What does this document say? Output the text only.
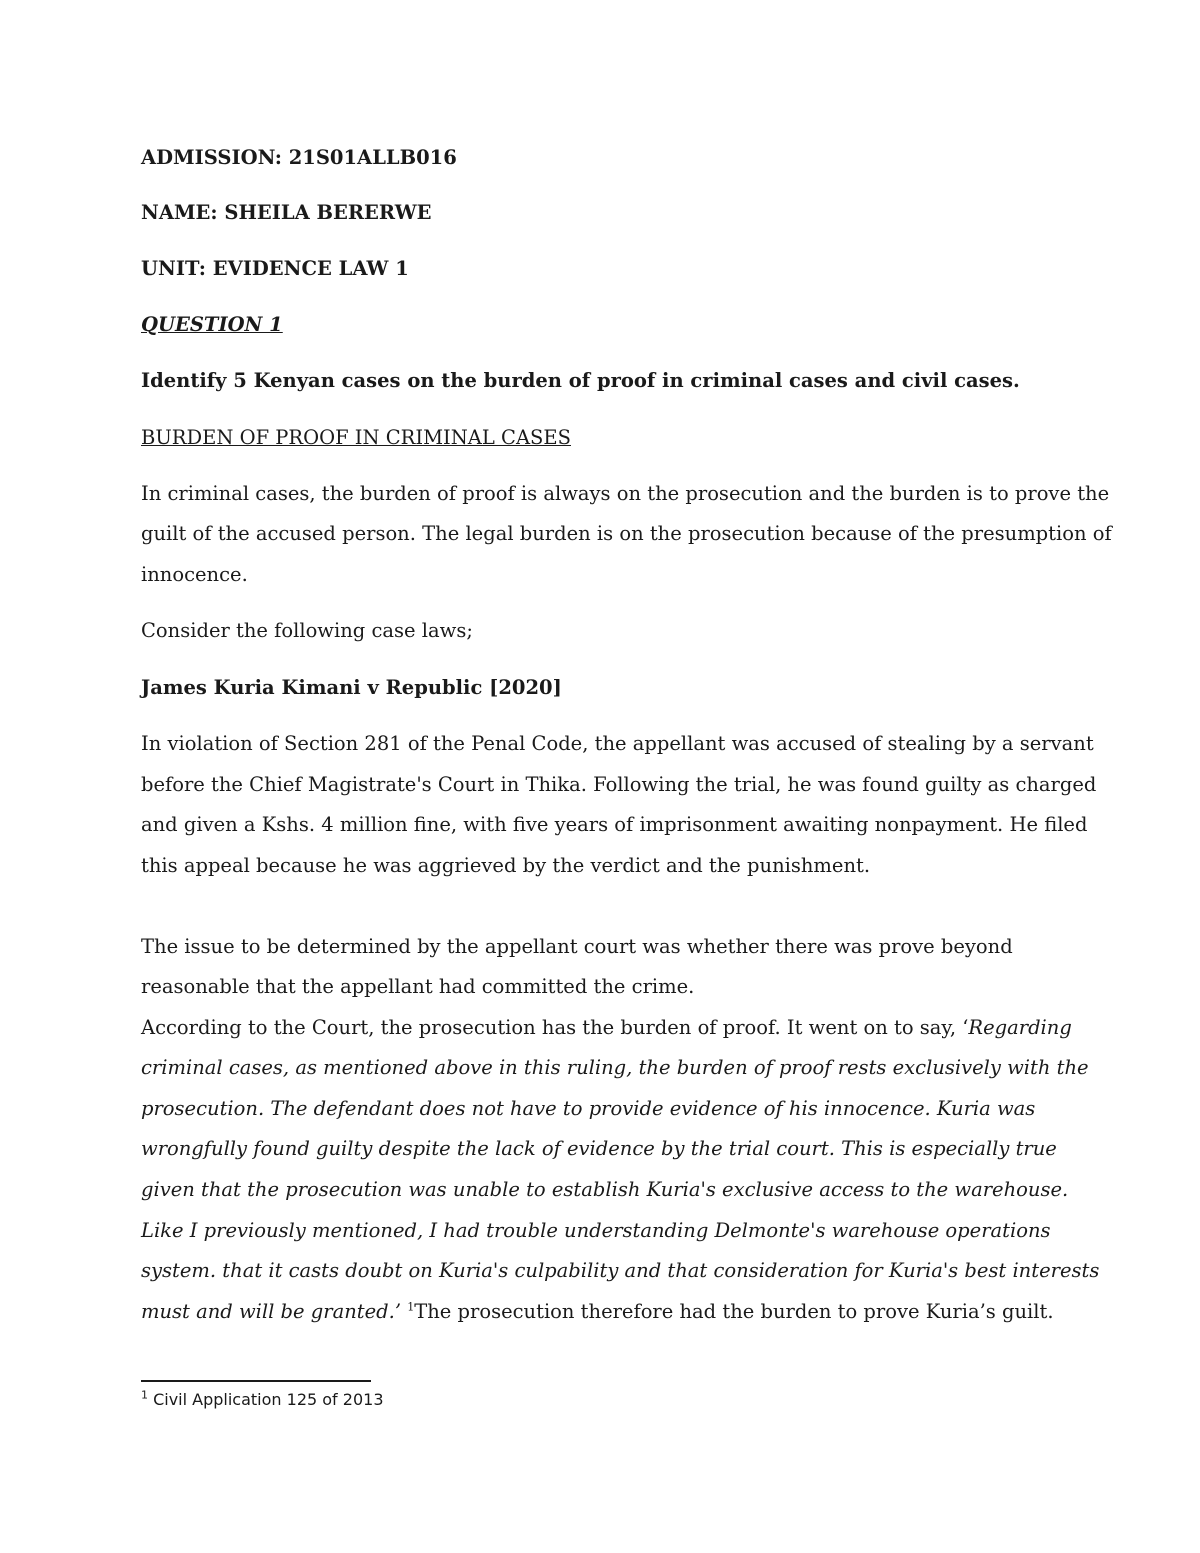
ADMISSION: 21S01ALLB016

NAME: SHEILA BERERWE

UNIT: EVIDENCE LAW 1

QUESTION 1

Identify 5 Kenyan cases on the burden of proof in criminal cases and civil cases.

BURDEN OF PROOF IN CRIMINAL CASES

In criminal cases, the burden of proof is always on the prosecution and the burden is to prove the

guilt of the accused person. The legal burden is on the prosecution because of the presumption of

innocence.

Consider the following case laws;

James Kuria Kimani v Republic [2020]

In violation of Section 281 of the Penal Code, the appellant was accused of stealing by a servant

before the Chief Magistrate's Court in Thika. Following the trial, he was found guilty as charged

and given a Kshs. 4 million fine, with five years of imprisonment awaiting nonpayment. He filed

this appeal because he was aggrieved by the verdict and the punishment.

The issue to be determined by the appellant court was whether there was prove beyond

reasonable that the appellant had committed the crime.

According to the Court, the prosecution has the burden of proof. It went on to say, ‘Regarding

criminal cases, as mentioned above in this ruling, the burden of proof rests exclusively with the

prosecution. The defendant does not have to provide evidence of his innocence. Kuria was

wrongfully found guilty despite the lack of evidence by the trial court. This is especially true

given that the prosecution was unable to establish Kuria's exclusive access to the warehouse.

Like I previously mentioned, I had trouble understanding Delmonte's warehouse operations

system. that it casts doubt on Kuria's culpability and that consideration for Kuria's best interests

must and will be granted.’ $^1$The prosecution therefore had the burden to prove Kuria’s guilt.

$^1$ Civil Application 125 of 2013
